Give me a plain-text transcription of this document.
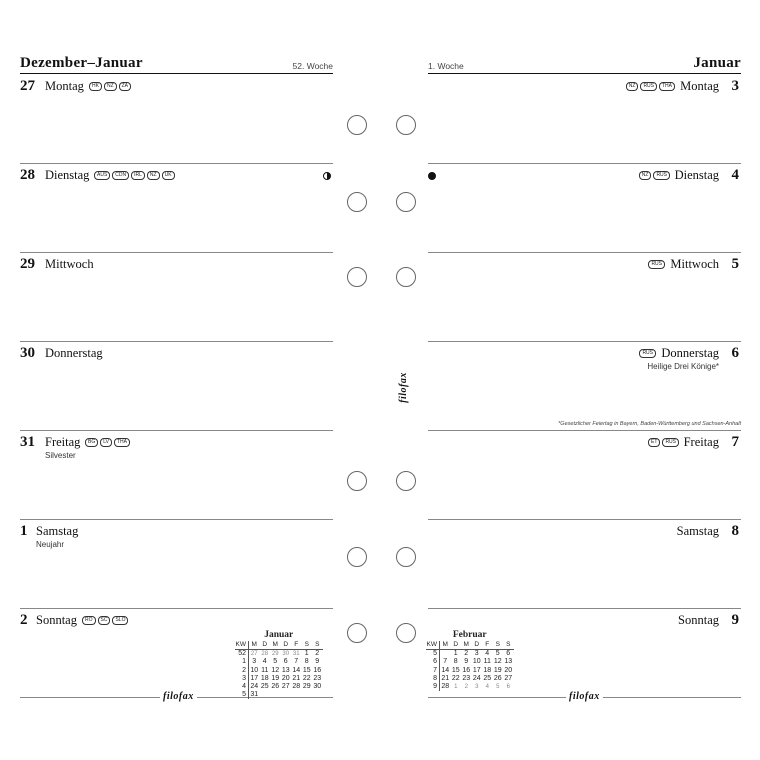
Dezember–Januar	52. Woche
27 Montag	HK	NZ	ZA
28 Dienstag	AUS	CDN	IRL	NZ	UK
29 Mittwoch
30 Donnerstag
31 Freitag	BG	LV	THA
Silvester
1 Samstag
Neujahr
2 Sonntag	RO	SC	SLO
Januar
1. Woche
3
Montag
NZ	RUS	THA
4
Dienstag
NZ	RUS
5
Mittwoch
RUS
6
Donnerstag
RUS
Heilige Drei Könige*
7
Freitag
ET	RUS
8
Samstag
9
Sonntag
*Gesetzlicher Feiertag in Bayern, Baden-Württemberg und Sachsen-Anhalt
filofax
filofax	filofax
Januar
KW	M	D	M	D	F	S	S
52	27	28	29	30	31	1	2
1	3	4	5	6	7	8	9
2	10	11	12	13	14	15	16
3	17	18	19	20	21	22	23
4	24	25	26	27	28	29	30
5	31						
Februar
KW	M	D	M	D	F	S	S
5		1	2	3	4	5	6
6	7	8	9	10	11	12	13
7	14	15	16	17	18	19	20
8	21	22	23	24	25	26	27
9	28	1	2	3	4	5	6
